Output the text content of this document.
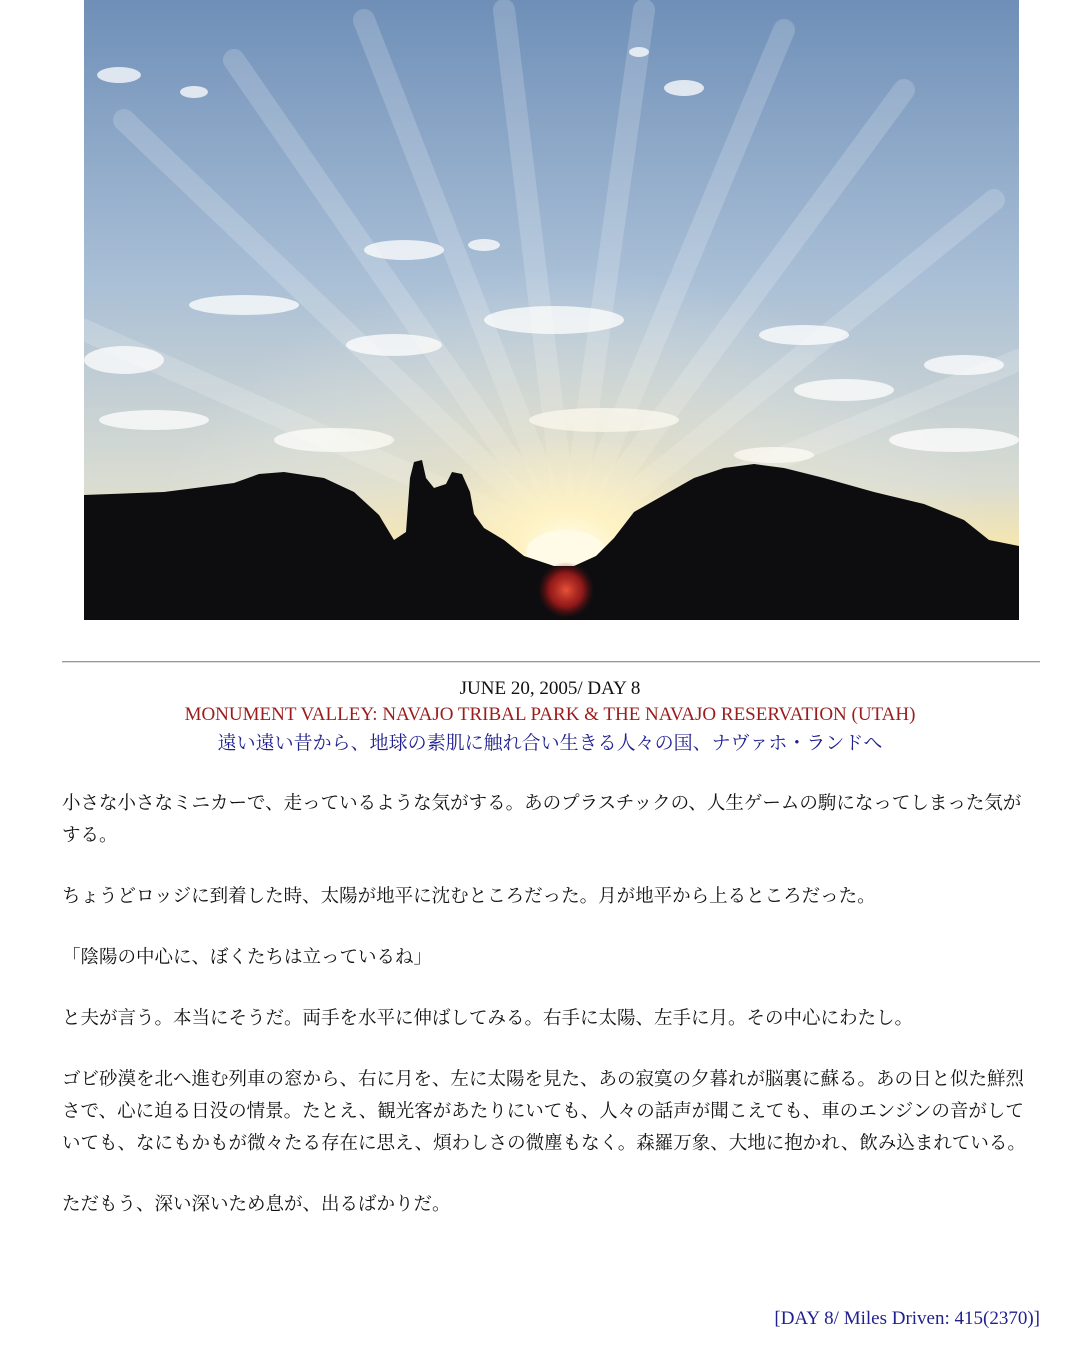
JUNE 20, 2005/ DAY 8
MONUMENT VALLEY: NAVAJO TRIBAL PARK & THE NAVAJO RESERVATION (UTAH)
遠い遠い昔から、地球の素肌に触れ合い生きる人々の国、ナヴァホ・ランドへ

小さな小さなミニカーで、走っているような気がする。あのプラスチックの、人生ゲームの駒になってしまった気がする。

ちょうどロッジに到着した時、太陽が地平に沈むところだった。月が地平から上るところだった。

「陰陽の中心に、ぼくたちは立っているね」

と夫が言う。本当にそうだ。両手を水平に伸ばしてみる。右手に太陽、左手に月。その中心にわたし。

ゴビ砂漠を北へ進む列車の窓から、右に月を、左に太陽を見た、あの寂寞の夕暮れが脳裏に蘇る。あの日と似た鮮烈さで、心に迫る日没の情景。たとえ、観光客があたりにいても、人々の話声が聞こえても、車のエンジンの音がしていても、なにもかもが微々たる存在に思え、煩わしさの微塵もなく。森羅万象、大地に抱かれ、飲み込まれている。

ただもう、深い深いため息が、出るばかりだ。

[DAY 8/ Miles Driven: 415(2370)]
